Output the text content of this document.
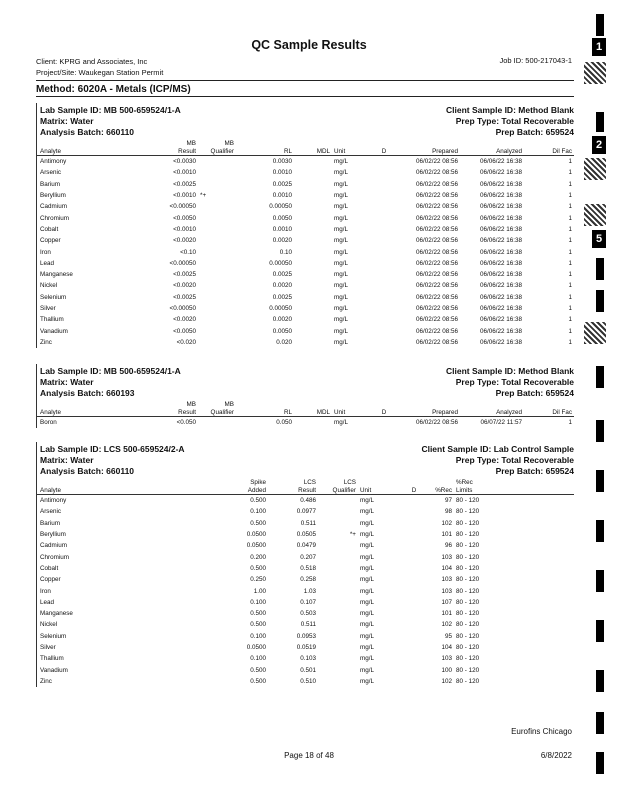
QC Sample Results
Client: KPRG and Associates, Inc
Project/Site: Waukegan Station Permit
Job ID: 500-217043-1
Method: 6020A - Metals (ICP/MS)
Lab Sample ID: MB 500-659524/1-A
Matrix: Water
Analysis Batch: 660110
Client Sample ID: Method Blank
Prep Type: Total Recoverable
Prep Batch: 659524
	MB	MB							
Analyte	Result	Qualifier	RL	MDL	Unit	D	Prepared	Analyzed	Dil Fac
Antimony	<0.0030		0.0030		mg/L		06/02/22 08:56	06/06/22 16:38	1
Arsenic	<0.0010		0.0010		mg/L		06/02/22 08:56	06/06/22 16:38	1
Barium	<0.0025		0.0025		mg/L		06/02/22 08:56	06/06/22 16:38	1
Beryllium	<0.0010	*+	0.0010		mg/L		06/02/22 08:56	06/06/22 16:38	1
Cadmium	<0.00050		0.00050		mg/L		06/02/22 08:56	06/06/22 16:38	1
Chromium	<0.0050		0.0050		mg/L		06/02/22 08:56	06/06/22 16:38	1
Cobalt	<0.0010		0.0010		mg/L		06/02/22 08:56	06/06/22 16:38	1
Copper	<0.0020		0.0020		mg/L		06/02/22 08:56	06/06/22 16:38	1
Iron	<0.10		0.10		mg/L		06/02/22 08:56	06/06/22 16:38	1
Lead	<0.00050		0.00050		mg/L		06/02/22 08:56	06/06/22 16:38	1
Manganese	<0.0025		0.0025		mg/L		06/02/22 08:56	06/06/22 16:38	1
Nickel	<0.0020		0.0020		mg/L		06/02/22 08:56	06/06/22 16:38	1
Selenium	<0.0025		0.0025		mg/L		06/02/22 08:56	06/06/22 16:38	1
Silver	<0.00050		0.00050		mg/L		06/02/22 08:56	06/06/22 16:38	1
Thallium	<0.0020		0.0020		mg/L		06/02/22 08:56	06/06/22 16:38	1
Vanadium	<0.0050		0.0050		mg/L		06/02/22 08:56	06/06/22 16:38	1
Zinc	<0.020		0.020		mg/L		06/02/22 08:56	06/06/22 16:38	1
Lab Sample ID: MB 500-659524/1-A
Matrix: Water
Analysis Batch: 660193
Client Sample ID: Method Blank
Prep Type: Total Recoverable
Prep Batch: 659524
	MB	MB							
Analyte	Result	Qualifier	RL	MDL	Unit	D	Prepared	Analyzed	Dil Fac
Boron	<0.050		0.050		mg/L		06/02/22 08:56	06/07/22 11:57	1
Lab Sample ID: LCS 500-659524/2-A
Matrix: Water
Analysis Batch: 660110
Client Sample ID: Lab Control Sample
Prep Type: Total Recoverable
Prep Batch: 659524
	Spike	LCS	LCS				%Rec	
Analyte	Added	Result	Qualifier	Unit	D	%Rec	Limits	
Antimony	0.500	0.486		mg/L		97	80 - 120	
Arsenic	0.100	0.0977		mg/L		98	80 - 120	
Barium	0.500	0.511		mg/L		102	80 - 120	
Beryllium	0.0500	0.0505	*+	mg/L		101	80 - 120	
Cadmium	0.0500	0.0479		mg/L		96	80 - 120	
Chromium	0.200	0.207		mg/L		103	80 - 120	
Cobalt	0.500	0.518		mg/L		104	80 - 120	
Copper	0.250	0.258		mg/L		103	80 - 120	
Iron	1.00	1.03		mg/L		103	80 - 120	
Lead	0.100	0.107		mg/L		107	80 - 120	
Manganese	0.500	0.503		mg/L		101	80 - 120	
Nickel	0.500	0.511		mg/L		102	80 - 120	
Selenium	0.100	0.0953		mg/L		95	80 - 120	
Silver	0.0500	0.0519		mg/L		104	80 - 120	
Thallium	0.100	0.103		mg/L		103	80 - 120	
Vanadium	0.500	0.501		mg/L		100	80 - 120	
Zinc	0.500	0.510		mg/L		102	80 - 120	
Eurofins Chicago
Page 18 of 48	6/8/2022
1
2
5
